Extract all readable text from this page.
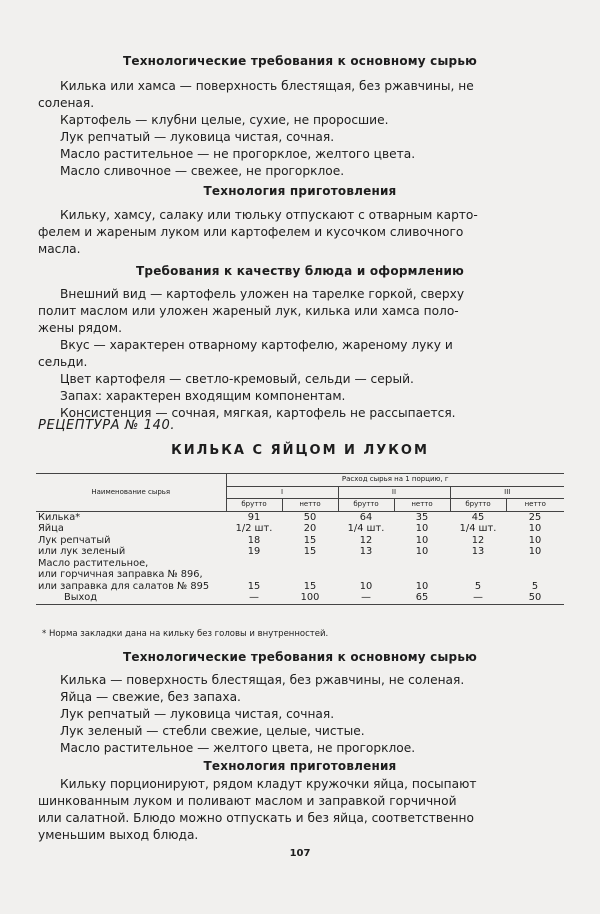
Технологические требования к основному сырью
Килька или хамса — поверхность блестящая, без ржавчины, не
соленая.
Картофель — клубни целые, сухие, не проросшие.
Лук репчатый — луковица чистая, сочная.
Масло растительное — не прогорклое, желтого цвета.
Масло сливочное — свежее, не прогорклое.
Технология приготовления
Кильку, хамсу, салаку или тюльку отпускают с отварным карто-
фелем и жареным луком или картофелем и кусочком сливочного
масла.
Требования к качеству блюда и оформлению
Внешний вид — картофель уложен на тарелке горкой, сверху
полит маслом или уложен жареный лук, килька или хамса поло-
жены рядом.
Вкус — характерен отварному картофелю, жареному луку и
сельди.
Цвет картофеля — светло-кремовый, сельди — серый.
Запах: характерен входящим компонентам.
Консистенция — сочная, мягкая, картофель не рассыпается.
РЕЦЕПТУРА № 140.
КИЛЬКА С ЯЙЦОМ И ЛУКОМ
Наименование сырья	Расход сырья на 1 порцию, г					
	I		II		III	
	брутто	нетто	брутто	нетто	брутто	нетто
Килька*	91	50	64	35	45	25
Яйца	1/2 шт.	20	1/4 шт.	10	1/4 шт.	10
Лук репчатый	18	15	12	10	12	10
или лук зеленый	19	15	13	10	13	10
Масло растительное,						
или горчичная заправка № 896,						
или заправка для салатов № 895	15	15	10	10	5	5
Выход	—	100	—	65	—	50
* Норма закладки дана на кильку без головы и внутренностей.
Технологические требования к основному сырью
Килька — поверхность блестящая, без ржавчины, не соленая.
Яйца — свежие, без запаха.
Лук репчатый — луковица чистая, сочная.
Лук зеленый — стебли свежие, целые, чистые.
Масло растительное — желтого цвета, не прогорклое.
Технология приготовления
Кильку порционируют, рядом кладут кружочки яйца, посыпают
шинкованным луком и поливают маслом и заправкой горчичной
или салатной. Блюдо можно отпускать и без яйца, соответственно
уменьшим выход блюда.
107
